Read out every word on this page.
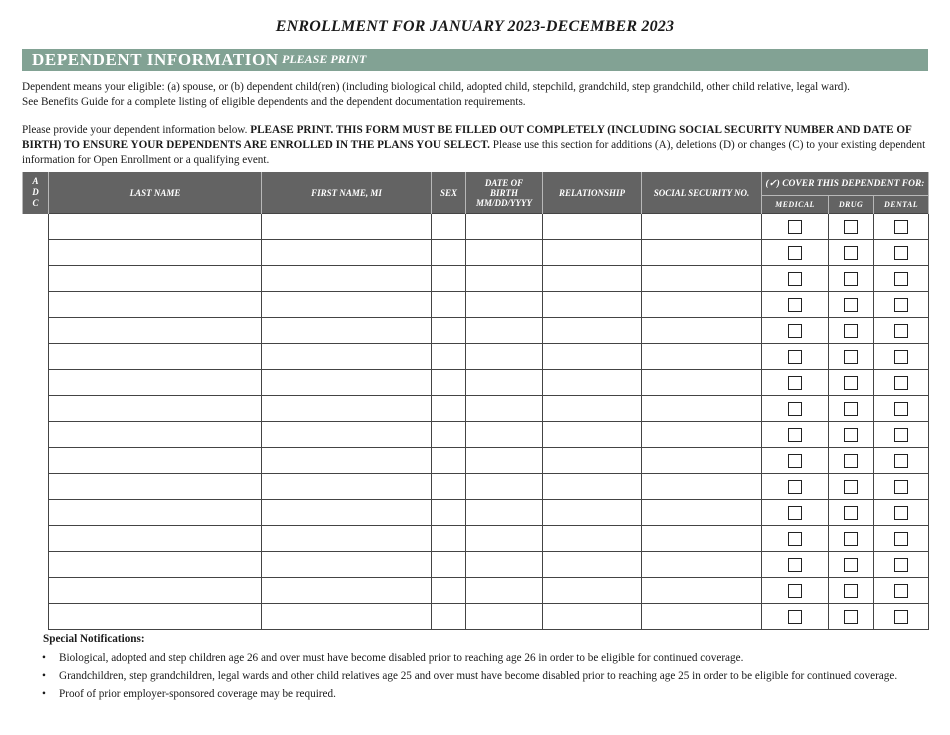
ENROLLMENT FOR JANUARY 2023-DECEMBER 2023
DEPENDENT INFORMATION PLEASE PRINT
Dependent means your eligible: (a) spouse, or (b) dependent child(ren) (including biological child, adopted child, stepchild, grandchild, step grandchild, other child relative, legal ward).
See Benefits Guide for a complete listing of eligible dependents and the dependent documentation requirements.
Please provide your dependent information below. PLEASE PRINT. THIS FORM MUST BE FILLED OUT COMPLETELY (INCLUDING SOCIAL SECURITY NUMBER AND DATE OF BIRTH) TO ENSURE YOUR DEPENDENTS ARE ENROLLED IN THE PLANS YOU SELECT. Please use this section for additions (A), deletions (D) or changes (C) to your existing dependent information for Open Enrollment or a qualifying event.
A D C	LAST NAME	FIRST NAME, MI	SEX	DATE OF BIRTH MM/DD/YYYY	RELATIONSHIP	SOCIAL SECURITY NO.	(✓) COVER THIS DEPENDENT FOR:		
							MEDICAL	DRUG	DENTAL

Special Notifications:
• Biological, adopted and step children age 26 and over must have become disabled prior to reaching age 26 in order to be eligible for continued coverage.
• Grandchildren, step grandchildren, legal wards and other child relatives age 25 and over must have become disabled prior to reaching age 25 in order to be eligible for continued coverage.
• Proof of prior employer-sponsored coverage may be required.
